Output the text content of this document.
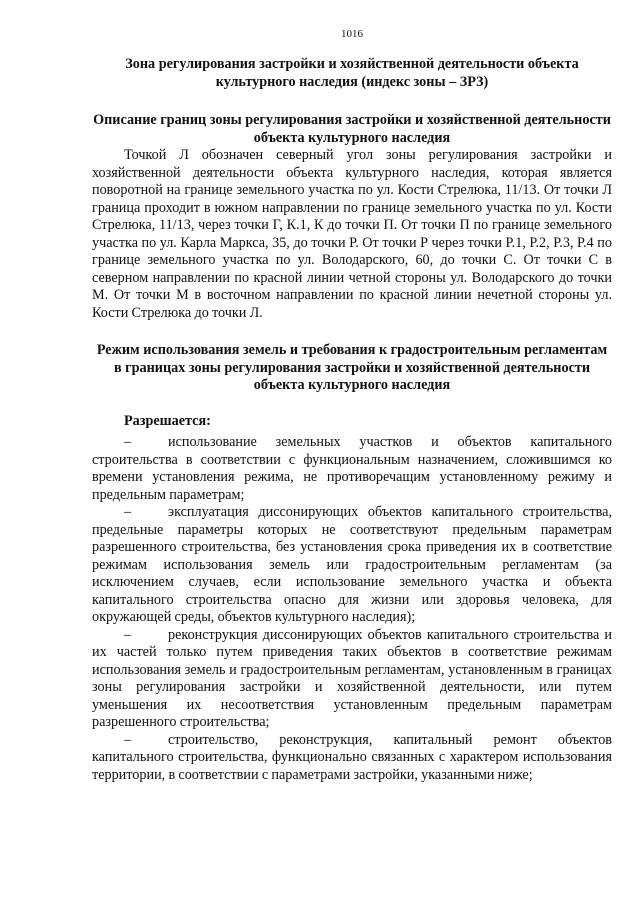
1016
Зона регулирования застройки и хозяйственной деятельности объекта культурного наследия (индекс зоны – ЗРЗ)
Описание границ зоны регулирования застройки и хозяйственной деятельности объекта культурного наследия

Точкой Л обозначен северный угол зоны регулирования застройки и хозяйственной деятельности объекта культурного наследия, которая является поворотной на границе земельного участка по ул. Кости Стрелюка, 11/13. От точки Л граница проходит в южном направлении по границе земельного участка по ул. Кости Стрелюка, 11/13, через точки Г, К.1, К до точки П. От точки П по границе земельного участка по ул. Карла Маркса, 35, до точки Р. От точки Р через точки Р.1, Р.2, Р.3, Р.4 по границе земельного участка по ул. Володарского, 60, до точки С. От точки С в северном направлении по красной линии четной стороны ул. Володарского до точки М. От точки М в восточном направлении по красной линии нечетной стороны ул. Кости Стрелюка до точки Л.

Режим использования земель и требования к градостроительным регламентам в границах зоны регулирования застройки и хозяйственной деятельности объекта культурного наследия

Разрешается:

–	использование земельных участков и объектов капитального строительства в соответствии с функциональным назначением, сложившимся ко времени установления режима, не противоречащим установленному режиму и предельным параметрам;

–	эксплуатация диссонирующих объектов капитального строительства, предельные параметры которых не соответствуют предельным параметрам разрешенного строительства, без установления срока приведения их в соответствие режимам использования земель или градостроительным регламентам (за исключением случаев, если использование земельного участка и объекта капитального строительства опасно для жизни или здоровья человека, для окружающей среды, объектов культурного наследия);

–	реконструкция диссонирующих объектов капитального строительства и их частей только путем приведения таких объектов в соответствие режимам использования земель и градостроительным регламентам, установленным в границах зоны регулирования застройки и хозяйственной деятельности, или путем уменьшения их несоответствия установленным предельным параметрам разрешенного строительства;

–	строительство, реконструкция, капитальный ремонт объектов капитального строительства, функционально связанных с характером использования территории, в соответствии с параметрами застройки, указанными ниже;
